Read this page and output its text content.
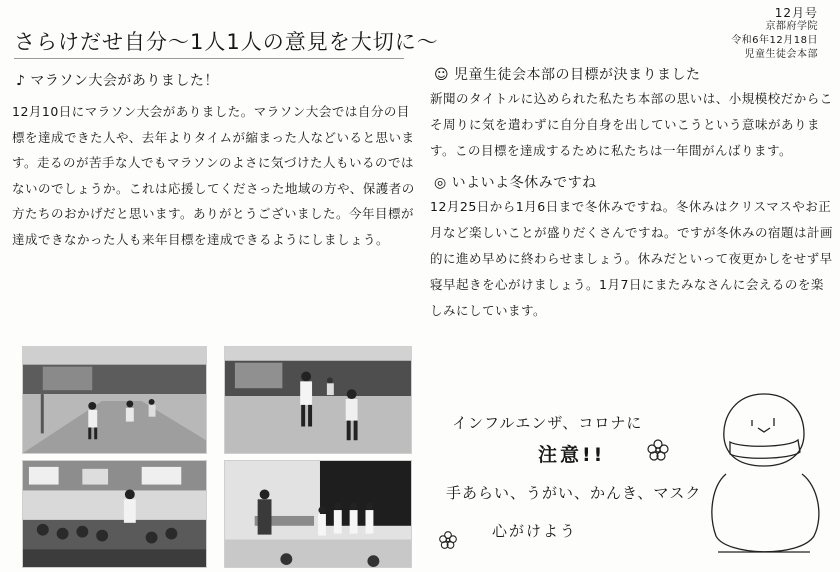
さらけだせ自分〜1人1人の意見を大切に〜
12月号
京都府学院
令和6年12月18日
児童生徒会本部
♪ マラソン大会がありました！
12月10日にマラソン大会がありました。マラソン大会では自分の目標を達成できた人や、去年よりタイムが縮まった人などいると思います。走るのが苦手な人でもマラソンのよさに気づけた人もいるのではないのでしょうか。これは応援してくださった地域の方や、保護者の方たちのおかげだと思います。ありがとうございました。今年目標が達成できなかった人も来年目標を達成できるようにしましょう。
☺ 児童生徒会本部の目標が決まりました
新聞のタイトルに込められた私たち本部の思いは、小規模校だからこそ周りに気を遣わずに自分自身を出していこうという意味があります。この目標を達成するために私たちは一年間がんばります。
◎ いよいよ冬休みですね
12月25日から1月6日まで冬休みですね。冬休みはクリスマスやお正月など楽しいことが盛りだくさんですね。ですが冬休みの宿題は計画的に進め早めに終わらせましょう。休みだといって夜更かしをせず早寝早起きを心がけましょう。1月7日にまたみなさんに会えるのを楽しみにしています。
インフルエンザ、コロナに
注意!!
手あらい、うがい、かんき、マスク
心がけよう
